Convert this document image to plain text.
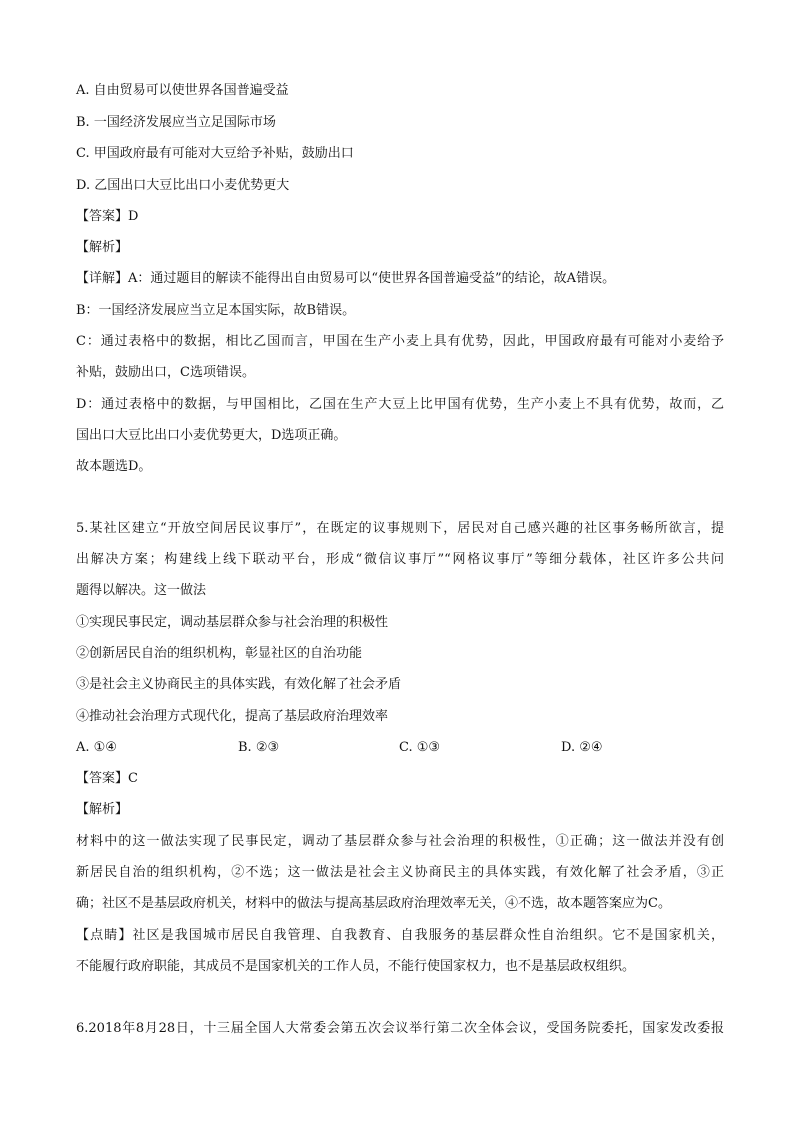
A. 自由贸易可以使世界各国普遍受益
B. 一国经济发展应当立足国际市场
C. 甲国政府最有可能对大豆给予补贴，鼓励出口
D. 乙国出口大豆比出口小麦优势更大
【答案】D
【解析】
【详解】A：通过题目的解读不能得出自由贸易可以“使世界各国普遍受益”的结论，故A错误。
B：一国经济发展应当立足本国实际，故B错误。
C：通过表格中的数据，相比乙国而言，甲国在生产小麦上具有优势，因此，甲国政府最有可能对小麦给予
补贴，鼓励出口，C选项错误。
D：通过表格中的数据，与甲国相比，乙国在生产大豆上比甲国有优势，生产小麦上不具有优势，故而，乙
国出口大豆比出口小麦优势更大，D选项正确。
故本题选D。
5.某社区建立“开放空间居民议事厅”，在既定的议事规则下，居民对自己感兴趣的社区事务畅所欲言，提
出解决方案；构建线上线下联动平台，形成“微信议事厅”“网格议事厅”等细分载体，社区许多公共问
题得以解决。这一做法
①实现民事民定，调动基层群众参与社会治理的积极性
②创新居民自治的组织机构，彰显社区的自治功能
③是社会主义协商民主的具体实践，有效化解了社会矛盾
④推动社会治理方式现代化，提高了基层政府治理效率
A. ①④	B. ②③	C. ①③	D. ②④
【答案】C
【解析】
材料中的这一做法实现了民事民定，调动了基层群众参与社会治理的积极性，①正确；这一做法并没有创
新居民自治的组织机构，②不选；这一做法是社会主义协商民主的具体实践，有效化解了社会矛盾，③正
确；社区不是基层政府机关，材料中的做法与提高基层政府治理效率无关，④不选，故本题答案应为C。
【点睛】社区是我国城市居民自我管理、自我教育、自我服务的基层群众性自治组织。它不是国家机关，
不能履行政府职能，其成员不是国家机关的工作人员，不能行使国家权力，也不是基层政权组织。
6.2018年8月28日，十三届全国人大常委会第五次会议举行第二次全体会议，受国务院委托，国家发改委报
